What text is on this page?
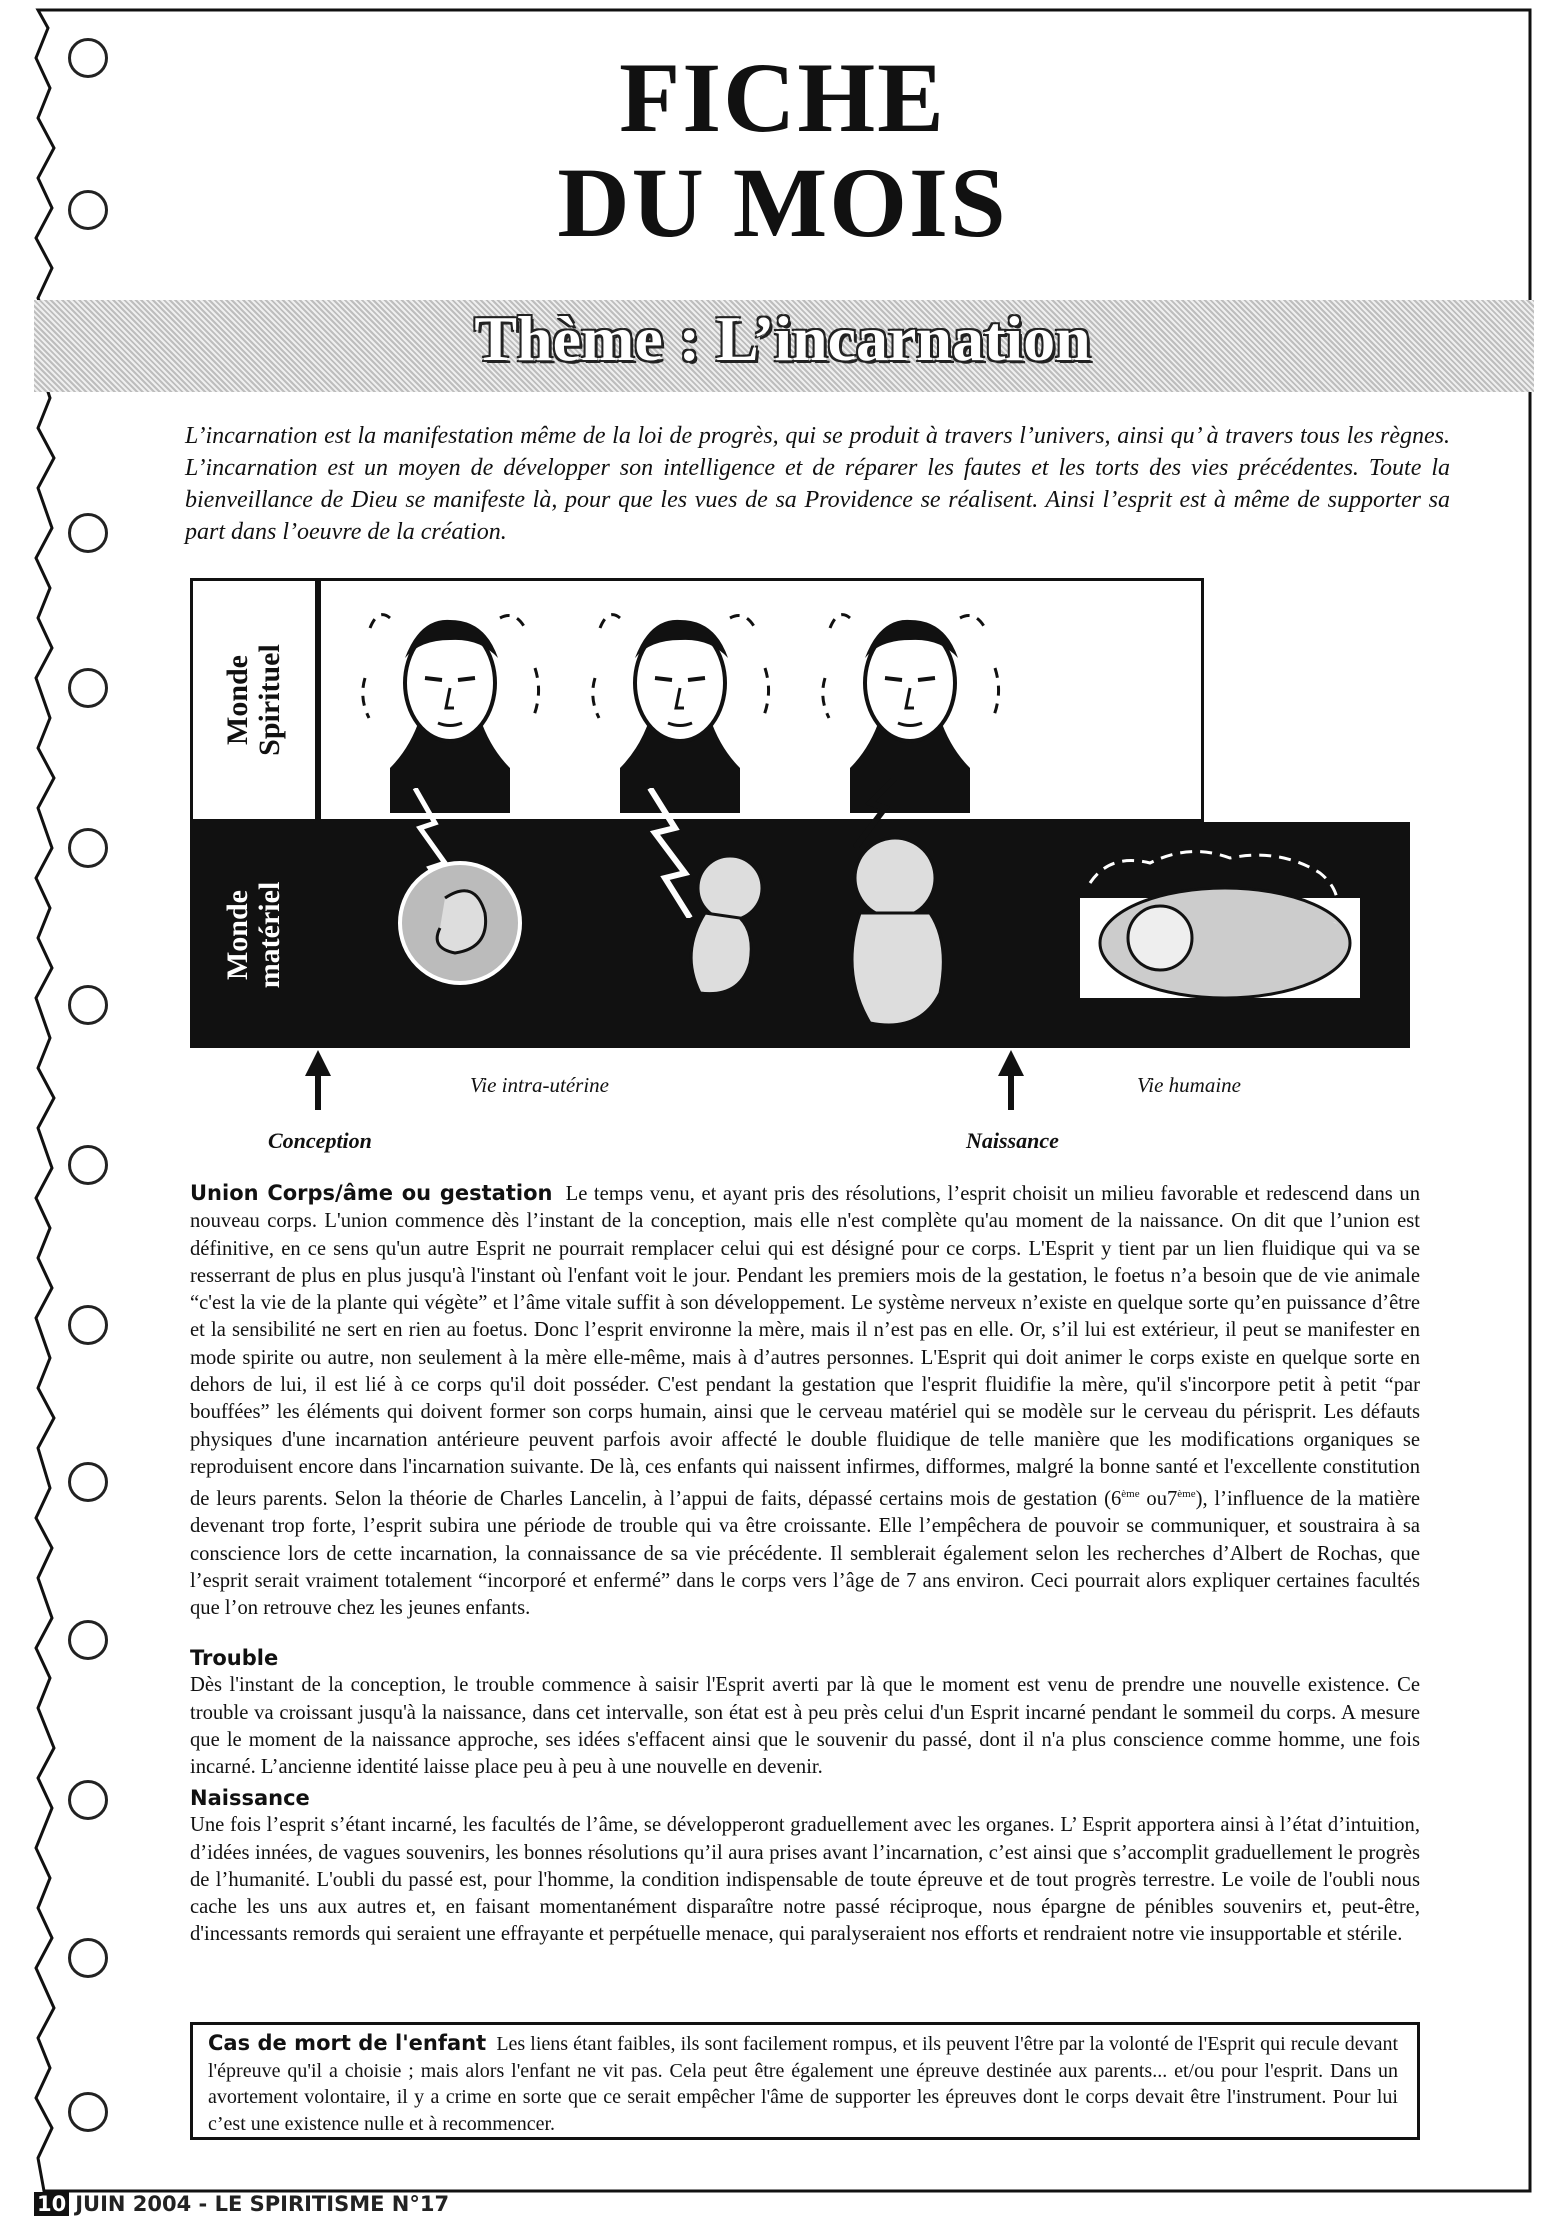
FICHE
DU MOIS
Thème : L’incarnation
L’incarnation est la manifestation même de la loi de progrès, qui se produit à travers l’univers, ainsi qu’ à travers tous les règnes. L’incarnation est un moyen de développer son intelligence et de réparer les fautes et les torts des vies précédentes. Toute la bienveillance de Dieu se manifeste là, pour que les vues de sa Providence se réalisent. Ainsi l’esprit est à même de supporter sa part dans l’oeuvre de la création.
Monde
Spirituel
Monde
matériel
Vie intra-utérine	Vie humaine
Conception	Naissance
Union Corps/âme ou gestation Le temps venu, et ayant pris des résolutions, l’esprit choisit un milieu favorable et redescend dans un nouveau corps. L'union commence dès l’instant de la conception, mais elle n'est complète qu'au moment de la naissance. On dit que l’union est définitive, en ce sens qu'un autre Esprit ne pourrait remplacer celui qui est désigné pour ce corps. L'Esprit y tient par un lien fluidique qui va se resserrant de plus en plus jusqu'à l'instant où l'enfant voit le jour. Pendant les premiers mois de la gestation, le foetus n’a besoin que de vie animale “c'est la vie de la plante qui végète” et l’âme vitale suffit à son développement. Le système nerveux n’existe en quelque sorte qu’en puissance d’être et la sensibilité ne sert en rien au foetus. Donc l’esprit environne la mère, mais il n’est pas en elle. Or, s’il lui est extérieur, il peut se manifester en mode spirite ou autre, non seulement à la mère elle-même, mais à d’autres personnes. L'Esprit qui doit animer le corps existe en quelque sorte en dehors de lui, il est lié à ce corps qu'il doit posséder. C'est pendant la gestation que l'esprit fluidifie la mère, qu'il s'incorpore petit à petit “par bouffées” les éléments qui doivent former son corps humain, ainsi que le cerveau matériel qui se modèle sur le cerveau du périsprit. Les défauts physiques d'une incarnation antérieure peuvent parfois avoir affecté le double fluidique de telle manière que les modifications organiques se reproduisent encore dans l'incarnation suivante. De là, ces enfants qui naissent infirmes, difformes, malgré la bonne santé et l'excellente constitution de leurs parents. Selon la théorie de Charles Lancelin, à l’appui de faits, dépassé certains mois de gestation (6ème ou7ème), l’influence de la matière devenant trop forte, l’esprit subira une période de trouble qui va être croissante. Elle l’empêchera de pouvoir se communiquer, et soustraira à sa conscience lors de cette incarnation, la connaissance de sa vie précédente. Il semblerait également selon les recherches d’Albert de Rochas, que l’esprit serait vraiment totalement “incorporé et enfermé” dans le corps vers l’âge de 7 ans environ. Ceci pourrait alors expliquer certaines facultés que l’on retrouve chez les jeunes enfants.
Trouble
Dès l'instant de la conception, le trouble commence à saisir l'Esprit averti par là que le moment est venu de prendre une nouvelle existence. Ce trouble va croissant jusqu'à la naissance, dans cet intervalle, son état est à peu près celui d'un Esprit incarné pendant le sommeil du corps. A mesure que le moment de la naissance approche, ses idées s'effacent ainsi que le souvenir du passé, dont il n'a plus conscience comme homme, une fois incarné. L’ancienne identité laisse place peu à peu à une nouvelle en devenir.
Naissance
Une fois l’esprit s’étant incarné, les facultés de l’âme, se développeront graduellement avec les organes. L’ Esprit apportera ainsi à l’état d’intuition, d’idées innées, de vagues souvenirs, les bonnes résolutions qu’il aura prises avant l’incarnation, c’est ainsi que s’accomplit graduellement le progrès de l’humanité. L'oubli du passé est, pour l'homme, la condition indispensable de toute épreuve et de tout progrès terrestre. Le voile de l'oubli nous cache les uns aux autres et, en faisant momentanément disparaître notre passé réciproque, nous épargne de pénibles souvenirs et, peut-être, d'incessants remords qui seraient une effrayante et perpétuelle menace, qui paralyseraient nos efforts et rendraient notre vie insupportable et stérile.
Cas de mort de l'enfant Les liens étant faibles, ils sont facilement rompus, et ils peuvent l'être par la volonté de l'Esprit qui recule devant l'épreuve qu'il a choisie ; mais alors l'enfant ne vit pas. Cela peut être également une épreuve destinée aux parents... et/ou pour l'esprit. Dans un avortement volontaire, il y a crime en sorte que ce serait empêcher l'âme de supporter les épreuves dont le corps devait être l'instrument. Pour lui c’est une existence nulle et à recommencer.
10 JUIN 2004 - LE SPIRITISME N°17
